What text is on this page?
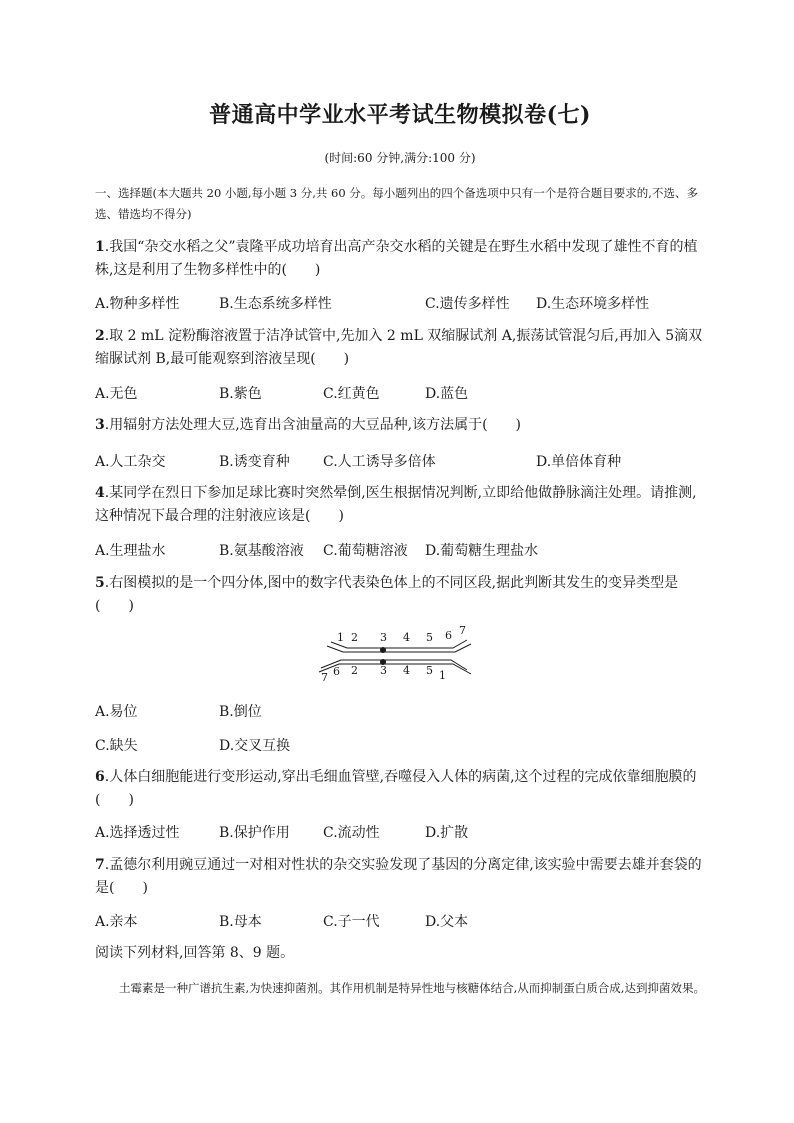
普通高中学业水平考试生物模拟卷(七)
(时间:60 分钟,满分:100 分)
一、选择题(本大题共 20 小题,每小题 3 分,共 60 分。每小题列出的四个备选项中只有一个是符合题目要求的,不选、多选、错选均不得分)
1.我国“杂交水稻之父”袁隆平成功培育出高产杂交水稻的关键是在野生水稻中发现了雄性不育的植株,这是利用了生物多样性中的(　　)
A.物种多样性	B.生态系统多样性	C.遗传多样性 D.生态环境多样性
2.取 2 mL 淀粉酶溶液置于洁净试管中,先加入 2 mL 双缩脲试剂 A,振荡试管混匀后,再加入 5滴双缩脲试剂 B,最可能观察到溶液呈现(　　)
A.无色	B.紫色	C.红黄色	D.蓝色
3.用辐射方法处理大豆,选育出含油量高的大豆品种,该方法属于(　　)
A.人工杂交	B.诱变育种 C.人工诱导多倍体	D.单倍体育种
4.某同学在烈日下参加足球比赛时突然晕倒,医生根据情况判断,立即给他做静脉滴注处理。请推测,这种情况下最合理的注射液应该是(　　)
A.生理盐水	B.氨基酸溶液 C.葡萄糖溶液 D.葡萄糖生理盐水
5.右图模拟的是一个四分体,图中的数字代表染色体上的不同区段,据此判断其发生的变异类型是(　　)
1 2 3 4 5 6 7
7 6 2 3 4 5 1
A.易位	B.倒位
C.缺失	D.交叉互换
6.人体白细胞能进行变形运动,穿出毛细血管壁,吞噬侵入人体的病菌,这个过程的完成依靠细胞膜的(　　)
A.选择透过性	B.保护作用 C.流动性	D.扩散
7.孟德尔利用豌豆通过一对相对性状的杂交实验发现了基因的分离定律,该实验中需要去雄并套袋的是(　　)
A.亲本	B.母本	C.子一代	D.父本
阅读下列材料,回答第 8、9 题。
土霉素是一种广谱抗生素,为快速抑菌剂。其作用机制是特异性地与核糖体结合,从而抑制蛋白质合成,达到抑菌效果。
